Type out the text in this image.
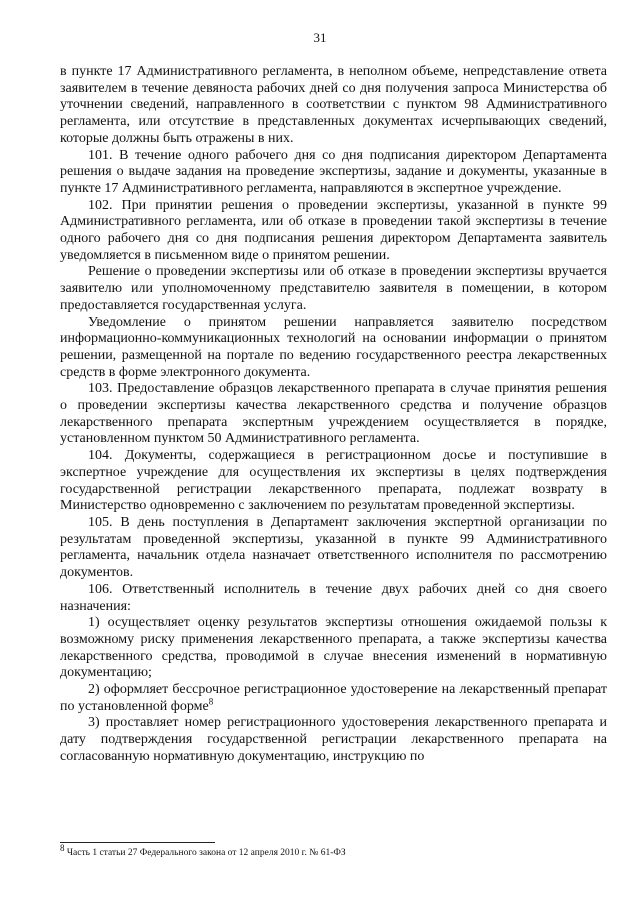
31

в пункте 17 Административного регламента, в неполном объеме, непредставление ответа заявителем в течение девяноста рабочих дней со дня получения запроса Министерства об уточнении сведений, направленного в соответствии с пунктом 98 Административного регламента, или отсутствие в представленных документах исчерпывающих сведений, которые должны быть отражены в них.

101. В течение одного рабочего дня со дня подписания директором Департамента решения о выдаче задания на проведение экспертизы, задание и документы, указанные в пункте 17 Административного регламента, направляются в экспертное учреждение.

102. При принятии решения о проведении экспертизы, указанной в пункте 99 Административного регламента, или об отказе в проведении такой экспертизы в течение одного рабочего дня со дня подписания решения директором Департамента заявитель уведомляется в письменном виде о принятом решении.

Решение о проведении экспертизы или об отказе в проведении экспертизы вручается заявителю или уполномоченному представителю заявителя в помещении, в котором предоставляется государственная услуга.

Уведомление о принятом решении направляется заявителю посредством информационно-коммуникационных технологий на основании информации о принятом решении, размещенной на портале по ведению государственного реестра лекарственных средств в форме электронного документа.

103. Предоставление образцов лекарственного препарата в случае принятия решения о проведении экспертизы качества лекарственного средства и получение образцов лекарственного препарата экспертным учреждением осуществляется в порядке, установленном пунктом 50 Административного регламента.

104. Документы, содержащиеся в регистрационном досье и поступившие в экспертное учреждение для осуществления их экспертизы в целях подтверждения государственной регистрации лекарственного препарата, подлежат возврату в Министерство одновременно с заключением по результатам проведенной экспертизы.

105. В день поступления в Департамент заключения экспертной организации по результатам проведенной экспертизы, указанной в пункте 99 Административного регламента, начальник отдела назначает ответственного исполнителя по рассмотрению документов.

106. Ответственный исполнитель в течение двух рабочих дней со дня своего назначения:

1) осуществляет оценку результатов экспертизы отношения ожидаемой пользы к возможному риску применения лекарственного препарата, а также экспертизы качества лекарственного средства, проводимой в случае внесения изменений в нормативную документацию;

2) оформляет бессрочное регистрационное удостоверение на лекарственный препарат по установленной форме$^8$

3) проставляет номер регистрационного удостоверения лекарственного препарата и дату подтверждения государственной регистрации лекарственного препарата на согласованную нормативную документацию, инструкцию по

$^8$ Часть 1 статьи 27 Федерального закона от 12 апреля 2010 г. № 61-ФЗ
